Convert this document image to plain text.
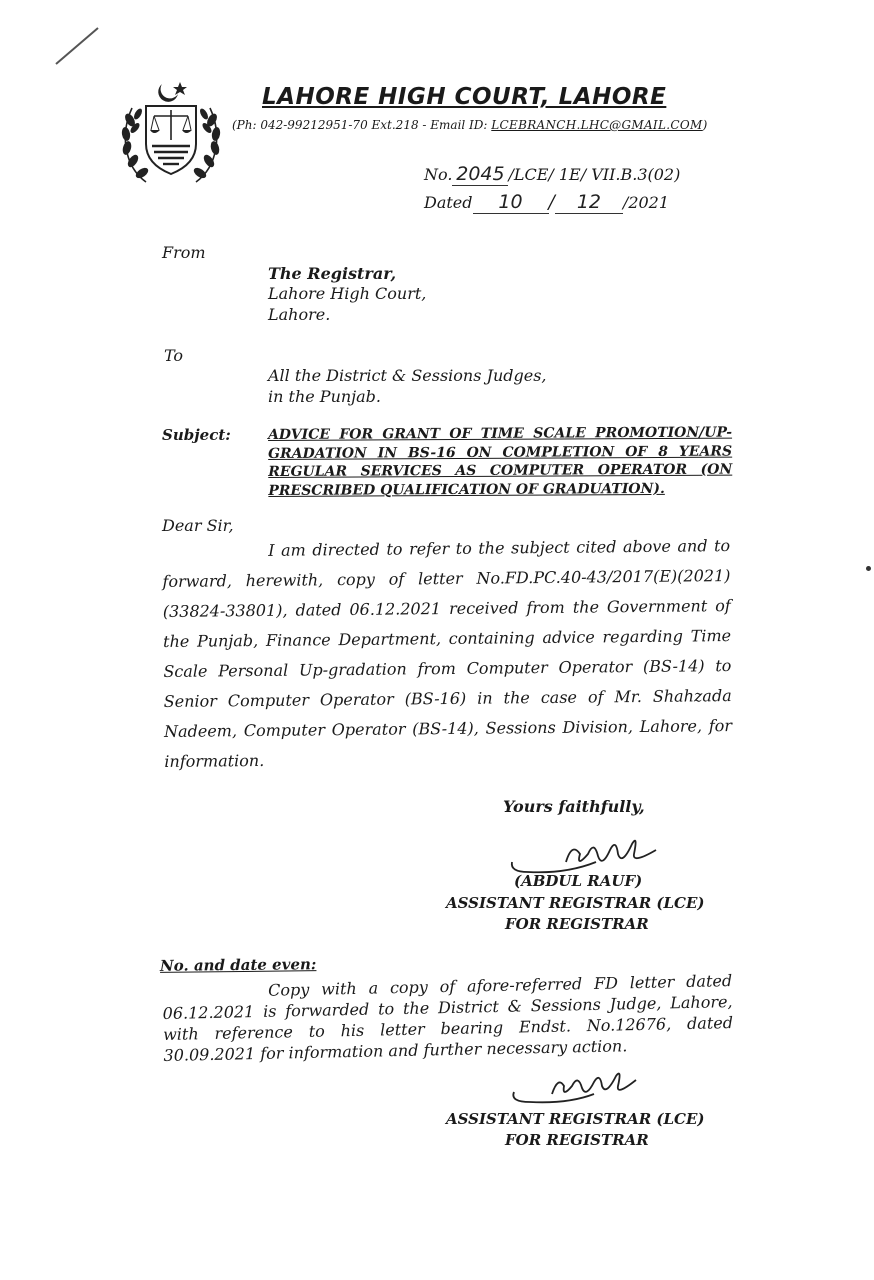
LAHORE HIGH COURT, LAHORE
(Ph: 042-99212951-70 Ext.218 - Email ID: LCEBRANCH.LHC@GMAIL.COM)
No. 2045 /LCE/ 1E/ VII.B.3(02)
Dated 10 / 12 /2021
From
The Registrar,
Lahore High Court,
Lahore.
To
All the District & Sessions Judges,
in the Punjab.
Subject:	ADVICE FOR GRANT OF TIME SCALE PROMOTION/UP-GRADATION IN BS-16 ON COMPLETION OF 8 YEARS REGULAR SERVICES AS COMPUTER OPERATOR (ON PRESCRIBED QUALIFICATION OF GRADUATION).
Dear Sir,
I am directed to refer to the subject cited above and to forward, herewith, copy of letter No.FD.PC.40-43/2017(E)(2021) (33824-33801), dated 06.12.2021 received from the Government of the Punjab, Finance Department, containing advice regarding Time Scale Personal Up-gradation from Computer Operator (BS-14) to Senior Computer Operator (BS-16) in the case of Mr. Shahzada Nadeem, Computer Operator (BS-14), Sessions Division, Lahore, for information.
Yours faithfully,
(ABDUL RAUF)
ASSISTANT REGISTRAR (LCE)
FOR REGISTRAR
No. and date even:
Copy with a copy of afore-referred FD letter dated 06.12.2021 is forwarded to the District & Sessions Judge, Lahore, with reference to his letter bearing Endst. No.12676, dated 30.09.2021 for information and further necessary action.
ASSISTANT REGISTRAR (LCE)
FOR REGISTRAR
